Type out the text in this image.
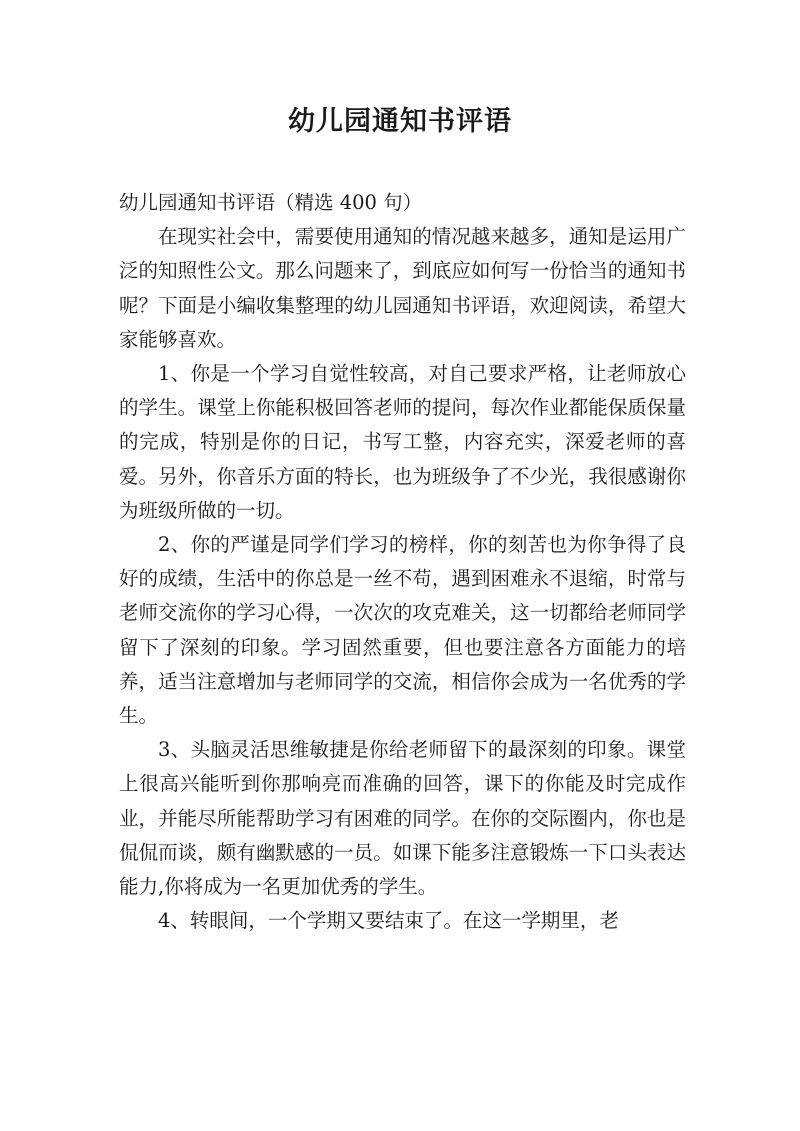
幼儿园通知书评语

幼儿园通知书评语（精选 400 句）

在现实社会中，需要使用通知的情况越来越多，通知是运用广泛的知照性公文。那么问题来了，到底应如何写一份恰当的通知书呢？下面是小编收集整理的幼儿园通知书评语，欢迎阅读，希望大家能够喜欢。

1、你是一个学习自觉性较高，对自己要求严格，让老师放心的学生。课堂上你能积极回答老师的提问，每次作业都能保质保量的完成，特别是你的日记，书写工整，内容充实，深爱老师的喜爱。另外，你音乐方面的特长，也为班级争了不少光，我很感谢你为班级所做的一切。

2、你的严谨是同学们学习的榜样，你的刻苦也为你争得了良好的成绩，生活中的你总是一丝不苟，遇到困难永不退缩，时常与老师交流你的学习心得，一次次的攻克难关，这一切都给老师同学留下了深刻的印象。学习固然重要，但也要注意各方面能力的培养，适当注意增加与老师同学的交流，相信你会成为一名优秀的学生。

3、头脑灵活思维敏捷是你给老师留下的最深刻的印象。课堂上很高兴能听到你那响亮而准确的回答，课下的你能及时完成作业，并能尽所能帮助学习有困难的同学。在你的交际圈内，你也是侃侃而谈，颇有幽默感的一员。如课下能多注意锻炼一下口头表达能力,你将成为一名更加优秀的学生。

4、转眼间，一个学期又要结束了。在这一学期里，老
